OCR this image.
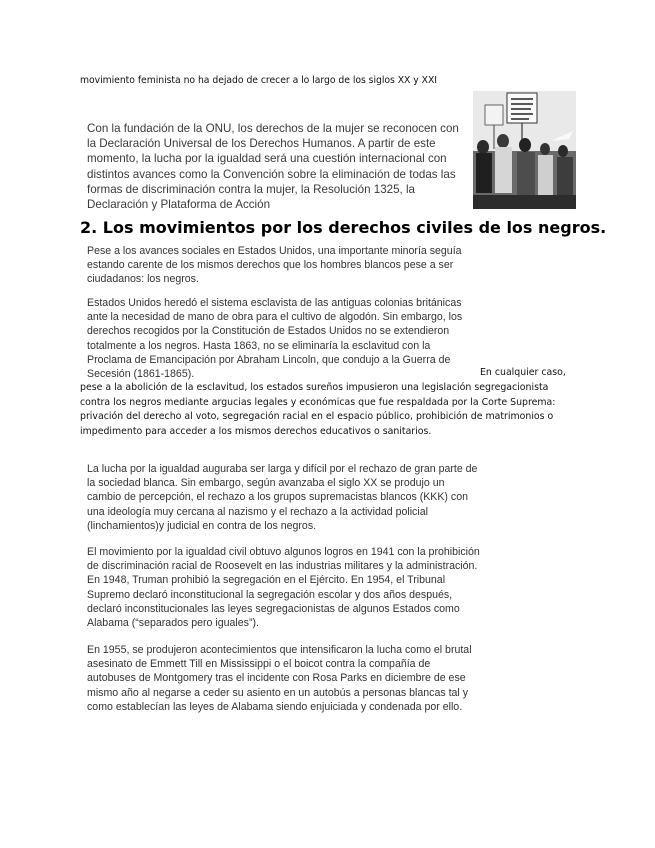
movimiento feminista no ha dejado de crecer a lo largo de los siglos XX y XXI

Con la fundación de la ONU, los derechos de la mujer se reconocen con la Declaración Universal de los Derechos Humanos. A partir de este momento, la lucha por la igualdad será una cuestión internacional con distintos avances como la Convención sobre la eliminación de todas las formas de discriminación contra la mujer, la Resolución 1325, la Declaración y Plataforma de Acción

2. Los movimientos por los derechos civiles de los negros.

Pese a los avances sociales en Estados Unidos, una importante minoría seguía estando carente de los mismos derechos que los hombres blancos pese a ser ciudadanos: los negros.

Estados Unidos heredó el sistema esclavista de las antiguas colonias británicas ante la necesidad de mano de obra para el cultivo de algodón. Sin embargo, los derechos recogidos por la Constitución de Estados Unidos no se extendieron totalmente a los negros. Hasta 1863, no se eliminaría la esclavitud con la Proclama de Emancipación por Abraham Lincoln, que condujo a la Guerra de Secesión (1861-1865).	En cualquier caso,

pese a la abolición de la esclavitud, los estados sureños impusieron una legislación segregacionista contra los negros mediante argucias legales y económicas que fue respaldada por la Corte Suprema: privación del derecho al voto, segregación racial en el espacio público, prohibición de matrimonios o impedimento para acceder a los mismos derechos educativos o sanitarios.

La lucha por la igualdad auguraba ser larga y difícil por el rechazo de gran parte de la sociedad blanca. Sin embargo, según avanzaba el siglo XX se produjo un cambio de percepción, el rechazo a los grupos supremacistas blancos (KKK) con una ideología muy cercana al nazismo y el rechazo a la actividad policial (linchamientos)y judicial en contra de los negros.

El movimiento por la igualdad civil obtuvo algunos logros en 1941 con la prohibición de discriminación racial de Roosevelt en las industrias militares y la administración. En 1948, Truman prohibió la segregación en el Ejército. En 1954, el Tribunal Supremo declaró inconstitucional la segregación escolar y dos años después, declaró inconstitucionales las leyes segregacionistas de algunos Estados como Alabama (“separados pero iguales”).

En 1955, se produjeron acontecimientos que intensificaron la lucha como el brutal asesinato de Emmett Till en Mississippi o el boicot contra la compañía de autobuses de Montgomery tras el incidente con Rosa Parks en diciembre de ese mismo año al negarse a ceder su asiento en un autobús a personas blancas tal y como establecían las leyes de Alabama siendo enjuiciada y condenada por ello.
